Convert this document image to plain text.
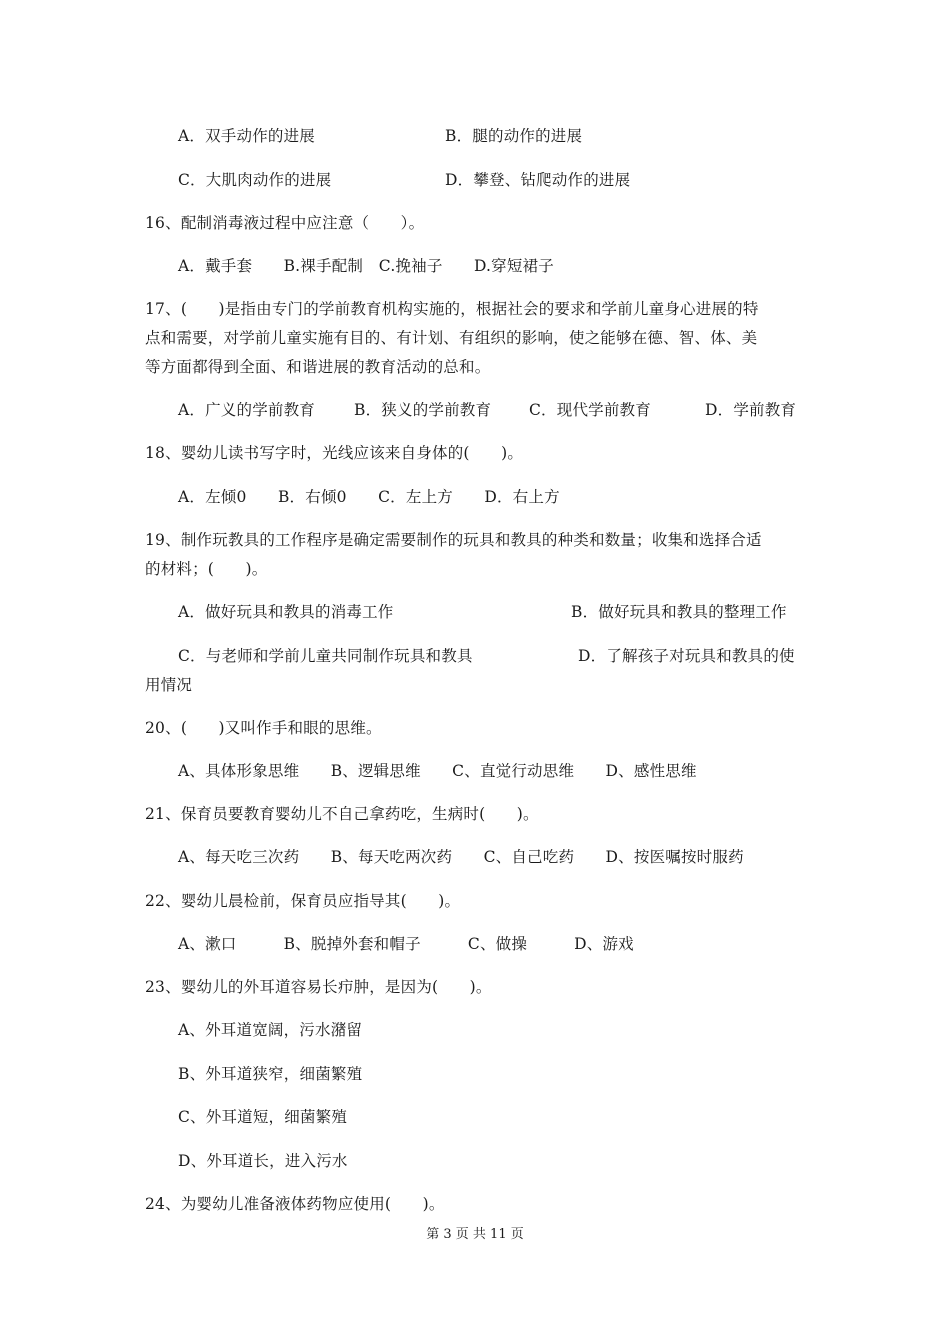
A．双手动作的进展	B．腿的动作的进展
C．大肌肉动作的进展	D．攀登、钻爬动作的进展
16、配制消毒液过程中应注意（　　）。
A．戴手套　　B.裸手配制　C.挽袖子　　D.穿短裙子
17、(　　)是指由专门的学前教育机构实施的，根据社会的要求和学前儿童身心进展的特
点和需要，对学前儿童实施有目的、有计划、有组织的影响，使之能够在德、智、体、美
等方面都得到全面、和谐进展的教育活动的总和。
A．广义的学前教育	B．狭义的学前教育 C．现代学前教育	D．学前教育
18、婴幼儿读书写字时，光线应该来自身体的(　　)。
A．左倾0　　B．右倾0　　C．左上方　　D．右上方
19、制作玩教具的工作程序是确定需要制作的玩具和教具的种类和数量；收集和选择合适
的材料；(　　)。
A．做好玩具和教具的消毒工作	B．做好玩具和教具的整理工作
C．与老师和学前儿童共同制作玩具和教具	D．了解孩子对玩具和教具的使
用情况
20、(　　)又叫作手和眼的思维。
A、具体形象思维　　B、逻辑思维　　C、直觉行动思维　　D、感性思维
21、保育员要教育婴幼儿不自己拿药吃，生病时(　　)。
A、每天吃三次药　　B、每天吃两次药　　C、自己吃药　　D、按医嘱按时服药
22、婴幼儿晨检前，保育员应指导其(　　)。
A、漱口　　　B、脱掉外套和帽子　　　C、做操　　　D、游戏
23、婴幼儿的外耳道容易长疖肿，是因为(　　)。
A、外耳道宽阔，污水潴留
B、外耳道狭窄，细菌繁殖
C、外耳道短，细菌繁殖
D、外耳道长，进入污水
24、为婴幼儿准备液体药物应使用(　　)。
第 3 页 共 11 页
